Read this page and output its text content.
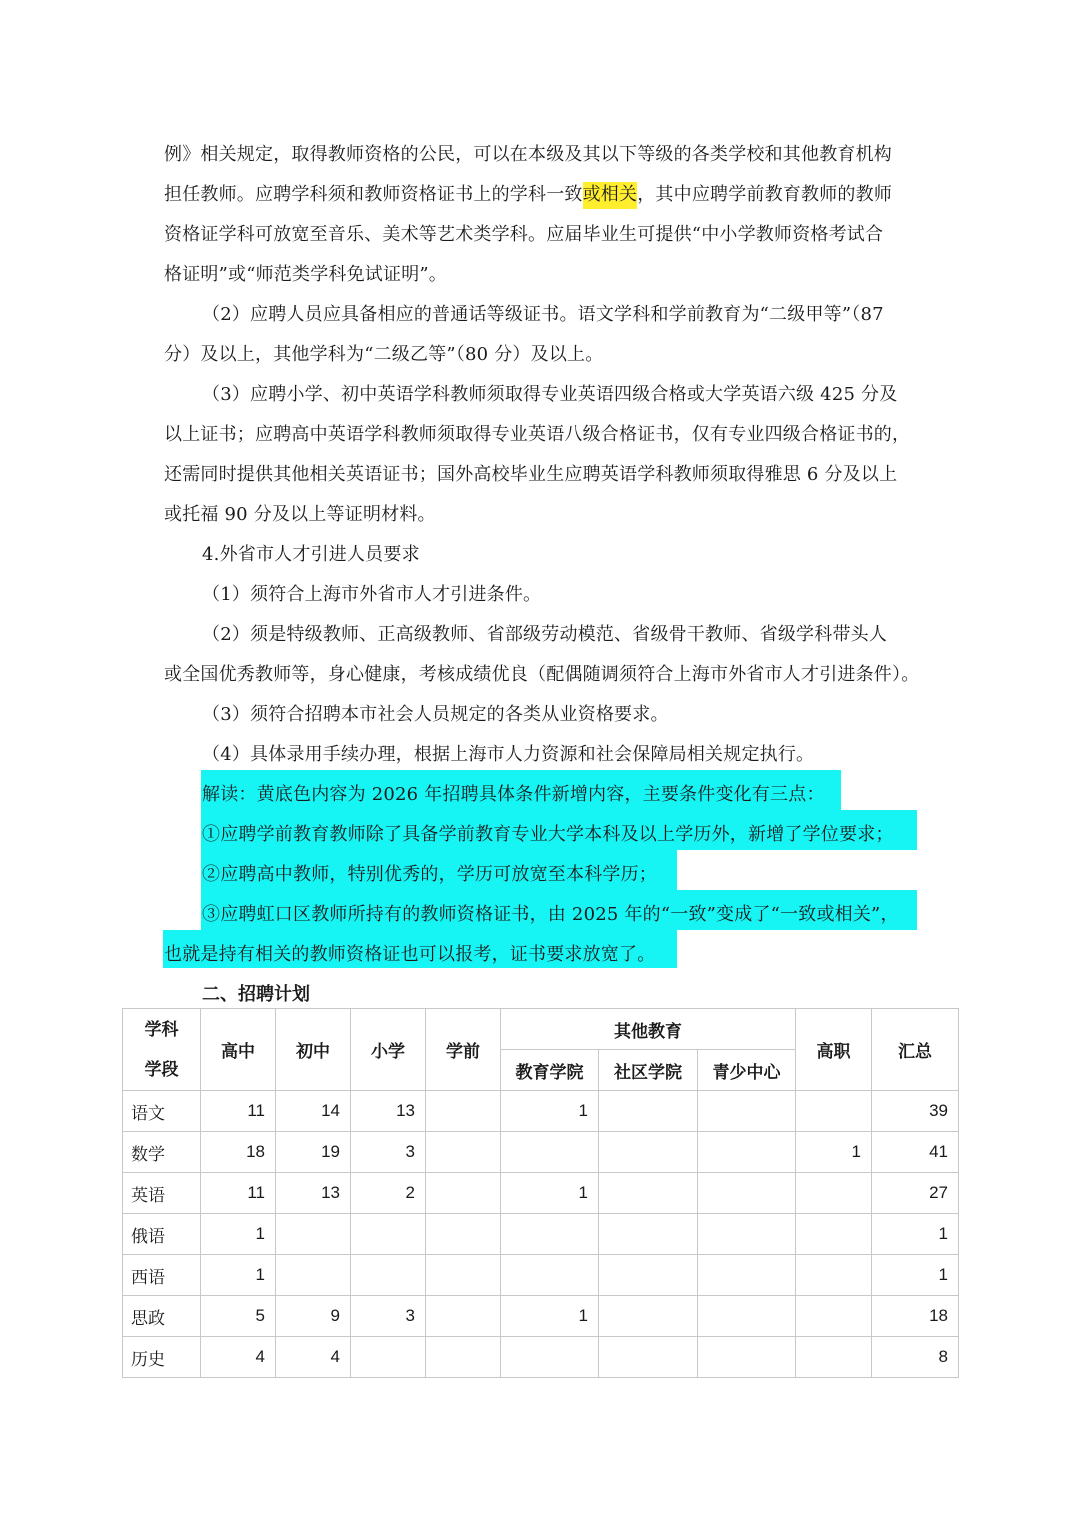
例》相关规定，取得教师资格的公民，可以在本级及其以下等级的各类学校和其他教育机构
担任教师。应聘学科须和教师资格证书上的学科一致或相关，其中应聘学前教育教师的教师
资格证学科可放宽至音乐、美术等艺术类学科。应届毕业生可提供“中小学教师资格考试合
格证明”或“师范类学科免试证明”。
（2）应聘人员应具备相应的普通话等级证书。语文学科和学前教育为“二级甲等”（87
分）及以上，其他学科为“二级乙等”（80 分）及以上。
（3）应聘小学、初中英语学科教师须取得专业英语四级合格或大学英语六级 425 分及
以上证书；应聘高中英语学科教师须取得专业英语八级合格证书，仅有专业四级合格证书的，
还需同时提供其他相关英语证书；国外高校毕业生应聘英语学科教师须取得雅思 6 分及以上
或托福 90 分及以上等证明材料。
4.外省市人才引进人员要求
（1）须符合上海市外省市人才引进条件。
（2）须是特级教师、正高级教师、省部级劳动模范、省级骨干教师、省级学科带头人
或全国优秀教师等，身心健康，考核成绩优良（配偶随调须符合上海市外省市人才引进条件）。
（3）须符合招聘本市社会人员规定的各类从业资格要求。
（4）具体录用手续办理，根据上海市人力资源和社会保障局相关规定执行。
解读：黄底色内容为 2026 年招聘具体条件新增内容，主要条件变化有三点：
①应聘学前教育教师除了具备学前教育专业大学本科及以上学历外，新增了学位要求；
②应聘高中教师，特别优秀的，学历可放宽至本科学历；
③应聘虹口区教师所持有的教师资格证书，由 2025 年的“一致”变成了“一致或相关”，
也就是持有相关的教师资格证也可以报考，证书要求放宽了。
二、招聘计划
学科
学段	高中	初中	小学	学前	其他教育			高职	汇总
					教育学院	社区学院	青少中心		
语文	11	14	13		1				39
数学	18	19	3					1	41
英语	11	13	2		1				27
俄语	1								1
西语	1								1
思政	5	9	3		1				18
历史	4	4							8
